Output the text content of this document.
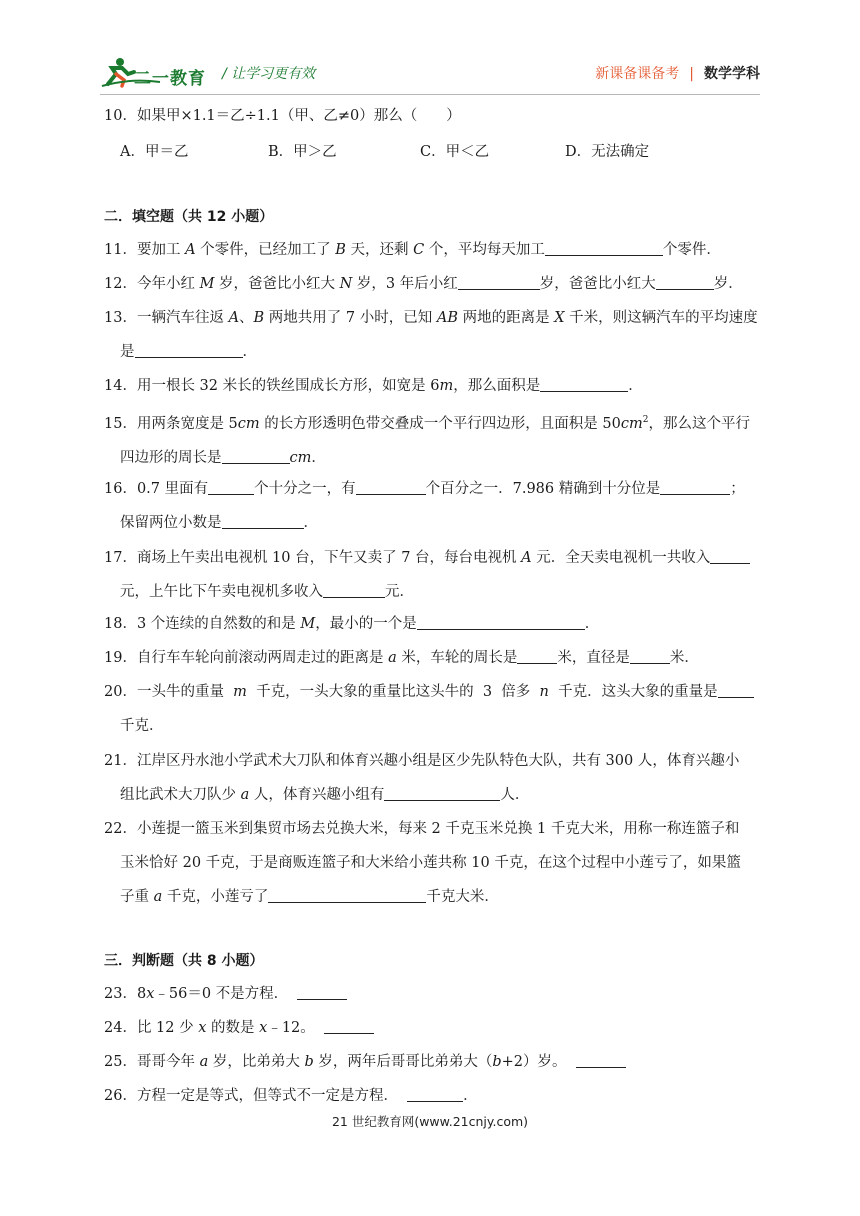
二一教育 / 让学习更有效	新课备课备考 | 数学学科
10．如果甲×1.1＝乙÷1.1（甲、乙≠0）那么（　　）
A．甲＝乙	B．甲＞乙	C．甲＜乙	D．无法确定
二．填空题（共 12 小题）
11．要加工 A 个零件，已经加工了 B 天，还剩 C 个，平均每天加工	个零件．
12．今年小红 M 岁，爸爸比小红大 N 岁，3 年后小红	岁，爸爸比小红大	岁．
13．一辆汽车往返 A、B 两地共用了 7 小时，已知 AB 两地的距离是 X 千米，则这辆汽车的平均速度
是	．
14．用一根长 32 米长的铁丝围成长方形，如宽是 6m，那么面积是	．
15．用两条宽度是 5cm 的长方形透明色带交叠成一个平行四边形，且面积是 $50cm^2$，那么这个平行
四边形的周长是	cm．
16．0.7 里面有	个十分之一，有	个百分之一．7.986 精确到十分位是	；
保留两位小数是	．
17．商场上午卖出电视机 10 台，下午又卖了 7 台，每台电视机 A 元．全天卖电视机一共收入
元，上午比下午卖电视机多收入	元．
18．3 个连续的自然数的和是 M，最小的一个是	．
19．自行车车轮向前滚动两周走过的距离是 a 米，车轮的周长是	米，直径是	米．
20．一头牛的重量  m  千克，一头大象的重量比这头牛的  3  倍多  n  千克．这头大象的重量是
千克．
21．江岸区丹水池小学武术大刀队和体育兴趣小组是区少先队特色大队，共有 300 人，体育兴趣小
组比武术大刀队少 a 人，体育兴趣小组有	人．
22．小莲提一篮玉米到集贸市场去兑换大米，每来 2 千克玉米兑换 1 千克大米，用称一称连篮子和
玉米恰好 20 千克，于是商贩连篮子和大米给小莲共称 10 千克，在这个过程中小莲亏了，如果篮
子重 a 千克，小莲亏了	千克大米．
三．判断题（共 8 小题）
23．8x﹣56＝0 不是方程．
24．比 12 少 x 的数是 x﹣12。
25．哥哥今年 a 岁，比弟弟大 b 岁，两年后哥哥比弟弟大（b+2）岁。
26．方程一定是等式，但等式不一定是方程．	．
21 世纪教育网(www.21cnjy.com)
